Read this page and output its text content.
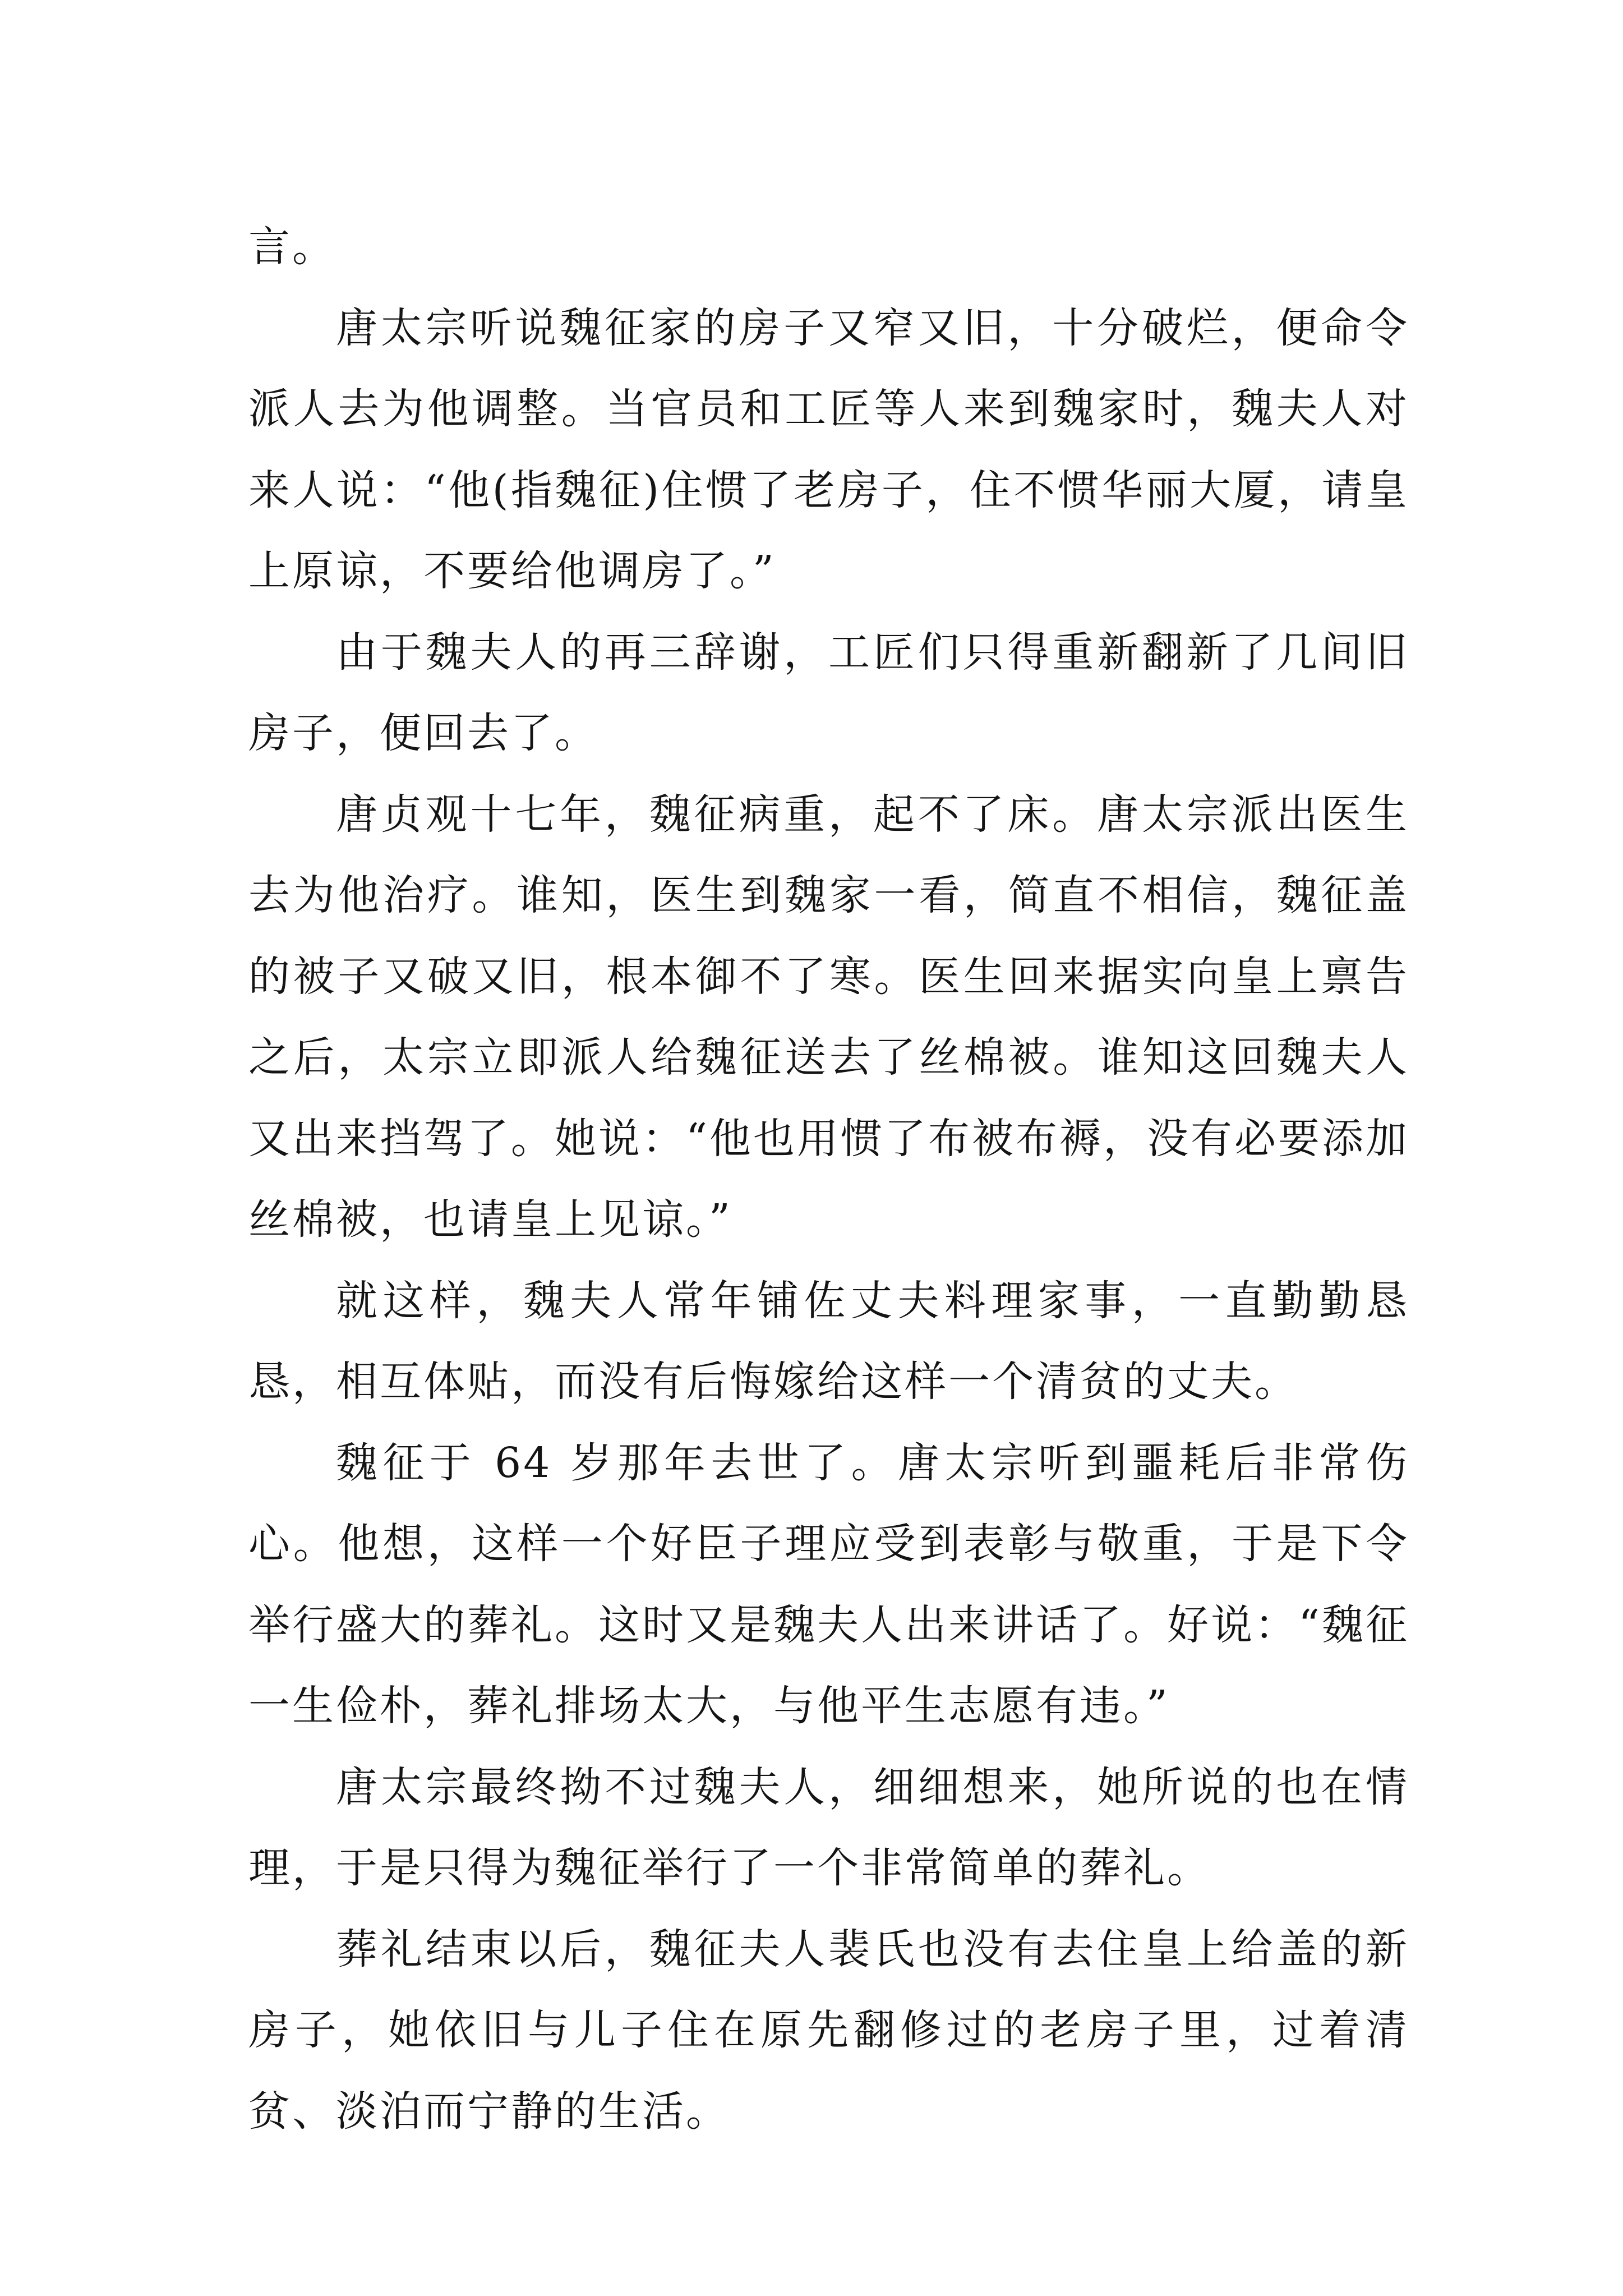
言。

唐太宗听说魏征家的房子又窄又旧，十分破烂，便命令派人去为他调整。当官员和工匠等人来到魏家时，魏夫人对来人说：“他(指魏征)住惯了老房子，住不惯华丽大厦，请皇上原谅，不要给他调房了。”

由于魏夫人的再三辞谢，工匠们只得重新翻新了几间旧房子，便回去了。

唐贞观十七年，魏征病重，起不了床。唐太宗派出医生去为他治疗。谁知，医生到魏家一看，简直不相信，魏征盖的被子又破又旧，根本御不了寒。医生回来据实向皇上禀告之后，太宗立即派人给魏征送去了丝棉被。谁知这回魏夫人又出来挡驾了。她说：“他也用惯了布被布褥，没有必要添加丝棉被，也请皇上见谅。”

就这样，魏夫人常年铺佐丈夫料理家事，一直勤勤恳恳，相互体贴，而没有后悔嫁给这样一个清贫的丈夫。

魏征于 64 岁那年去世了。唐太宗听到噩耗后非常伤心。他想，这样一个好臣子理应受到表彰与敬重，于是下令举行盛大的葬礼。这时又是魏夫人出来讲话了。好说：“魏征一生俭朴，葬礼排场太大，与他平生志愿有违。”

唐太宗最终拗不过魏夫人，细细想来，她所说的也在情理，于是只得为魏征举行了一个非常简单的葬礼。

葬礼结束以后，魏征夫人裴氏也没有去住皇上给盖的新房子，她依旧与儿子住在原先翻修过的老房子里，过着清贫、淡泊而宁静的生活。
